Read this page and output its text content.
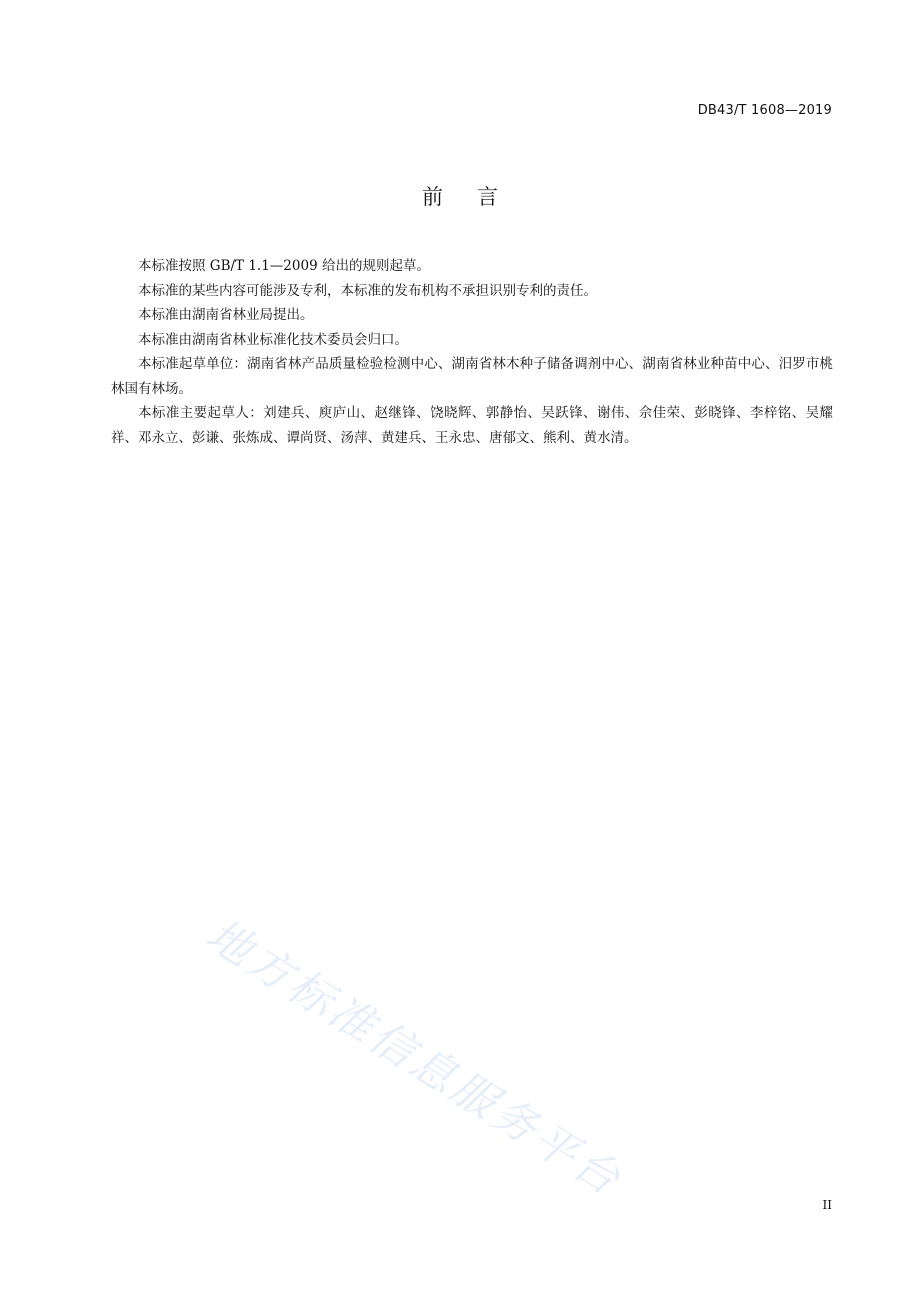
DB43/T 1608—2019
前言

本标准按照 GB/T 1.1—2009 给出的规则起草。

本标准的某些内容可能涉及专利，本标准的发布机构不承担识别专利的责任。

本标准由湖南省林业局提出。

本标准由湖南省林业标准化技术委员会归口。

本标准起草单位：湖南省林产品质量检验检测中心、湖南省林木种子储备调剂中心、湖南省林业种苗中心、汨罗市桃林国有林场。

本标准主要起草人：刘建兵、庾庐山、赵继锋、饶晓辉、郭静怡、吴跃锋、谢伟、佘佳荣、彭晓锋、李梓铭、吴耀祥、邓永立、彭谦、张炼成、谭尚贤、汤萍、黄建兵、王永忠、唐郁文、熊利、黄水清。

地方标准信息服务平台	II
